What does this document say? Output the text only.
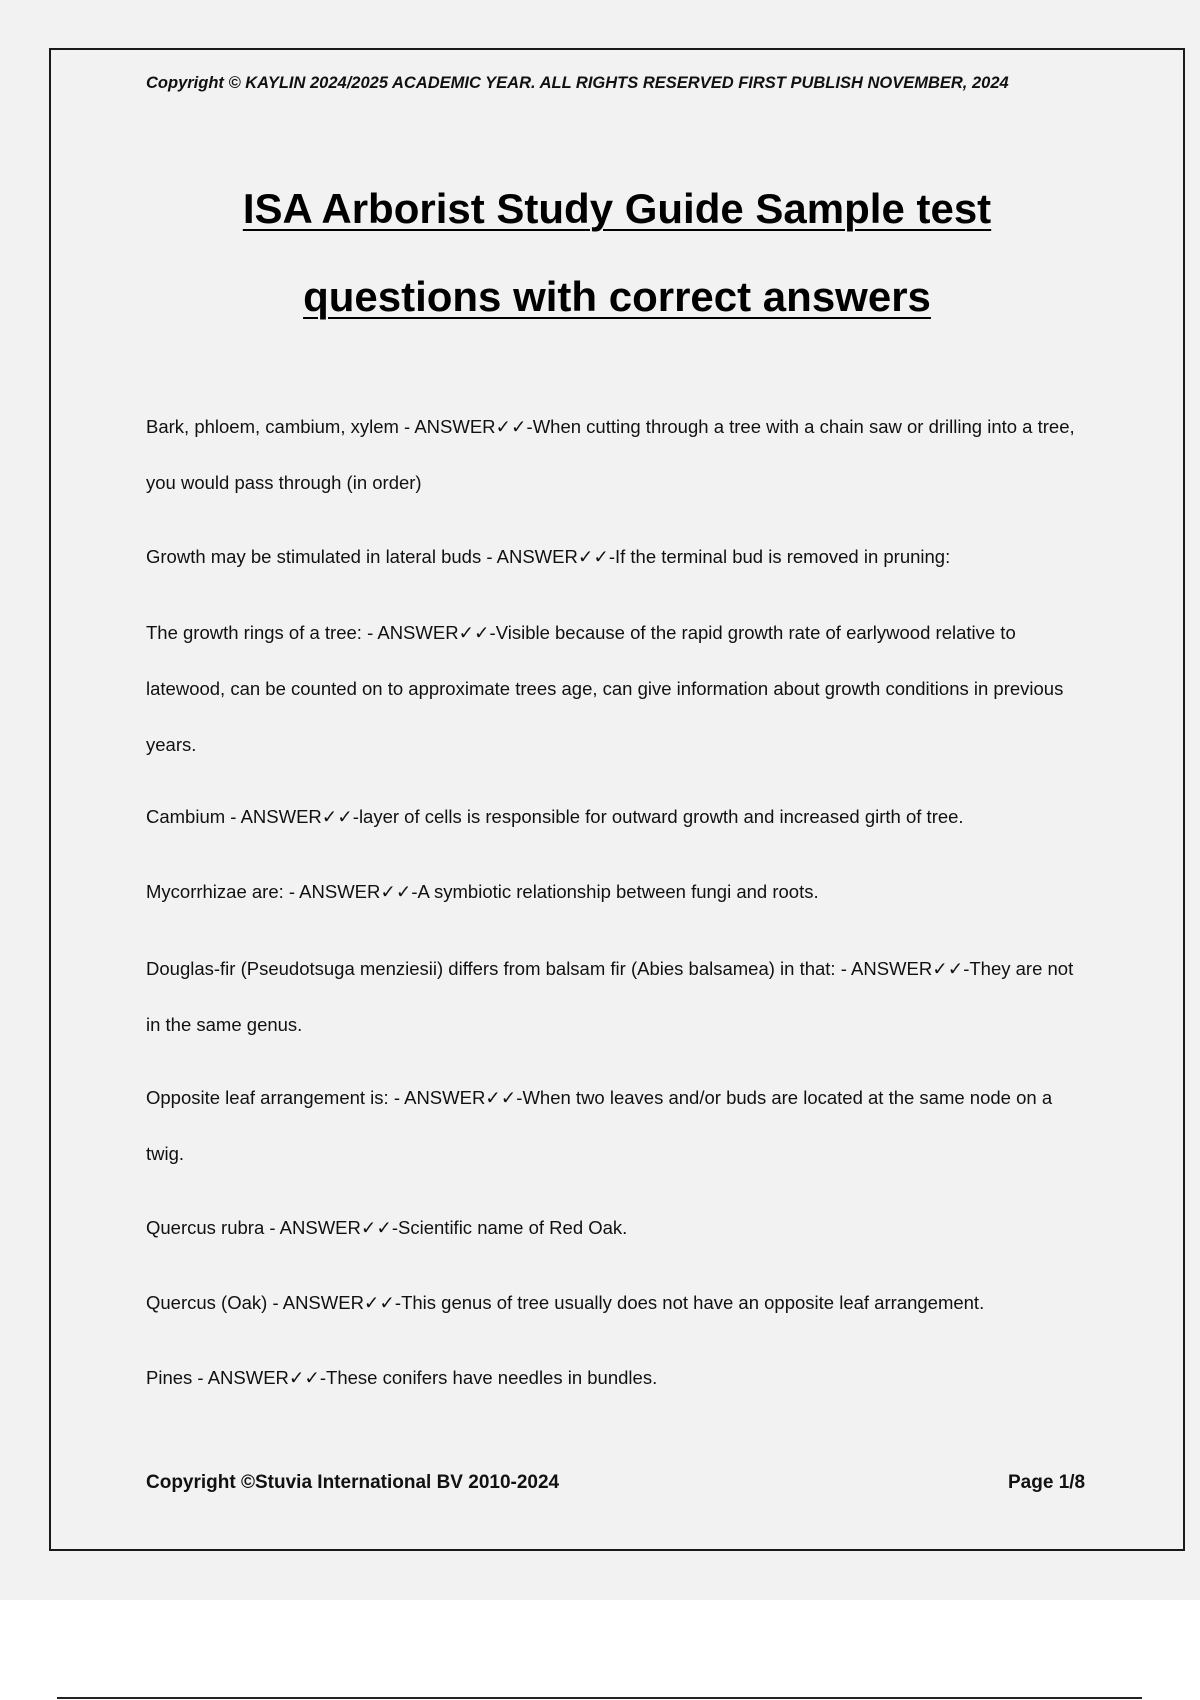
Copyright © KAYLIN 2024/2025 ACADEMIC YEAR. ALL RIGHTS RESERVED FIRST PUBLISH NOVEMBER, 2024
ISA Arborist Study Guide Sample test
questions with correct answers
Bark, phloem, cambium, xylem - ANSWER✓✓-When cutting through a tree with a chain saw or drilling into a tree, you would pass through (in order)
Growth may be stimulated in lateral buds - ANSWER✓✓-If the terminal bud is removed in pruning:
The growth rings of a tree: - ANSWER✓✓-Visible because of the rapid growth rate of earlywood relative to latewood, can be counted on to approximate trees age, can give information about growth conditions in previous years.
Cambium - ANSWER✓✓-layer of cells is responsible for outward growth and increased girth of tree.
Mycorrhizae are: - ANSWER✓✓-A symbiotic relationship between fungi and roots.
Douglas-fir (Pseudotsuga menziesii) differs from balsam fir (Abies balsamea) in that: - ANSWER✓✓-They are not in the same genus.
Opposite leaf arrangement is: - ANSWER✓✓-When two leaves and/or buds are located at the same node on a twig.
Quercus rubra - ANSWER✓✓-Scientific name of Red Oak.
Quercus (Oak) - ANSWER✓✓-This genus of tree usually does not have an opposite leaf arrangement.
Pines - ANSWER✓✓-These conifers have needles in bundles.
Copyright ©Stuvia International BV 2010-2024	Page 1/8
